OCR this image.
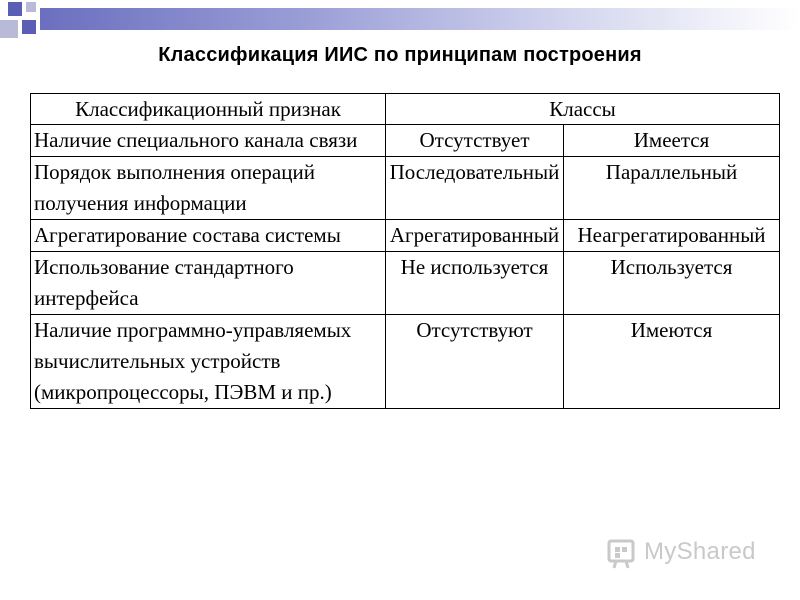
Классификация ИИС по принципам построения
Классификационный признак	Классы	
Наличие специального канала связи	Отсутствует	Имеется
Порядок выполнения операций получения информации	Последовательный	Параллельный
Агрегатирование состава системы	Агрегатированный	Неагрегатированный
Использование стандартного интерфейса	Не используется	Используется
Наличие программно-управляемых вычислительных устройств (микропроцессоры, ПЭВМ и пр.)	Отсутствуют	Имеются
MyShared
